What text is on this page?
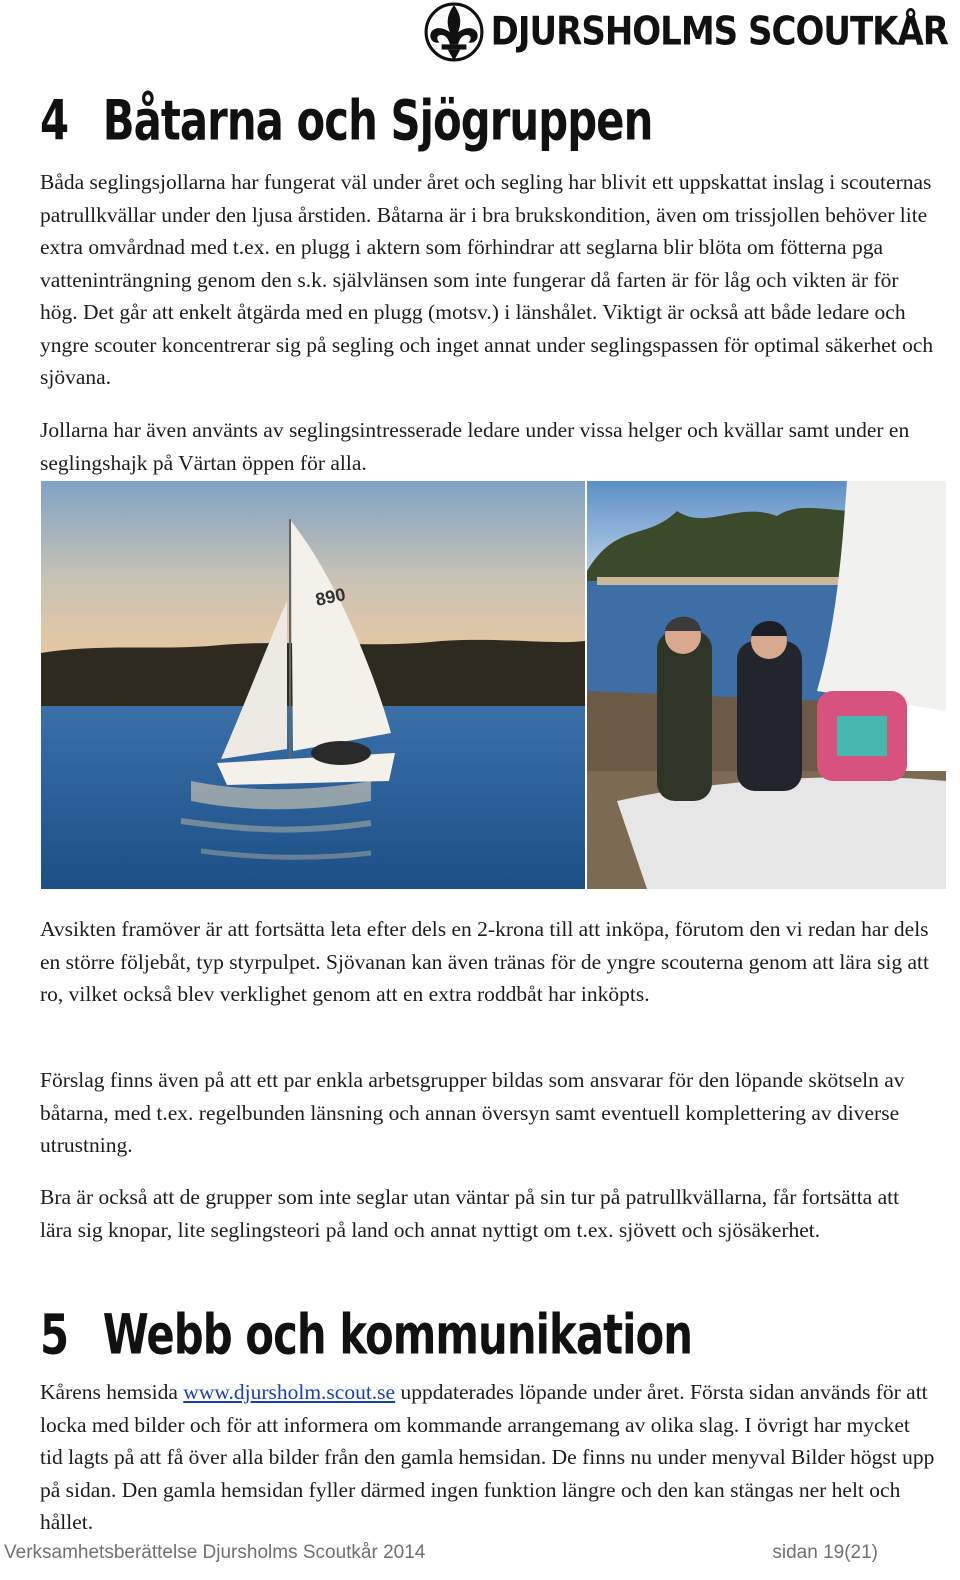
DJURSHOLMS SCOUTKÅR
4 Båtarna och Sjögruppen

Båda seglingsjollarna har fungerat väl under året och segling har blivit ett uppskattat inslag i scouternas patrullkvällar under den ljusa årstiden. Båtarna är i bra brukskondition, även om trissjollen behöver lite extra omvårdnad med t.ex. en plugg i aktern som förhindrar att seglarna blir blöta om fötterna pga vatteninträngning genom den s.k. självlänsen som inte fungerar då farten är för låg och vikten är för hög. Det går att enkelt åtgärda med en plugg (motsv.) i länshålet. Viktigt är också att både ledare och yngre scouter koncentrerar sig på segling och inget annat under seglingspassen för optimal säkerhet och sjövana.

Jollarna har även använts av seglingsintresserade ledare under vissa helger och kvällar samt under en seglingshajk på Värtan öppen för alla.

890

Avsikten framöver är att fortsätta leta efter dels en 2-krona till att inköpa, förutom den vi redan har dels en större följebåt, typ styrpulpet. Sjövanan kan även tränas för de yngre scouterna genom att lära sig att ro, vilket också blev verklighet genom att en extra roddbåt har inköpts.

Förslag finns även på att ett par enkla arbetsgrupper bildas som ansvarar för den löpande skötseln av båtarna, med t.ex. regelbunden länsning och annan översyn samt eventuell komplettering av diverse utrustning.

Bra är också att de grupper som inte seglar utan väntar på sin tur på patrullkvällarna, får fortsätta att lära sig knopar, lite seglingsteori på land och annat nyttigt om t.ex. sjövett och sjösäkerhet.

5 Webb och kommunikation

Kårens hemsida www.djursholm.scout.se uppdaterades löpande under året. Första sidan används för att locka med bilder och för att informera om kommande arrangemang av olika slag. I övrigt har mycket tid lagts på att få över alla bilder från den gamla hemsidan. De finns nu under menyval Bilder högst upp på sidan. Den gamla hemsidan fyller därmed ingen funktion längre och den kan stängas ner helt och hållet.

Verksamhetsberättelse Djursholms Scoutkår 2014	sidan 19(21)
